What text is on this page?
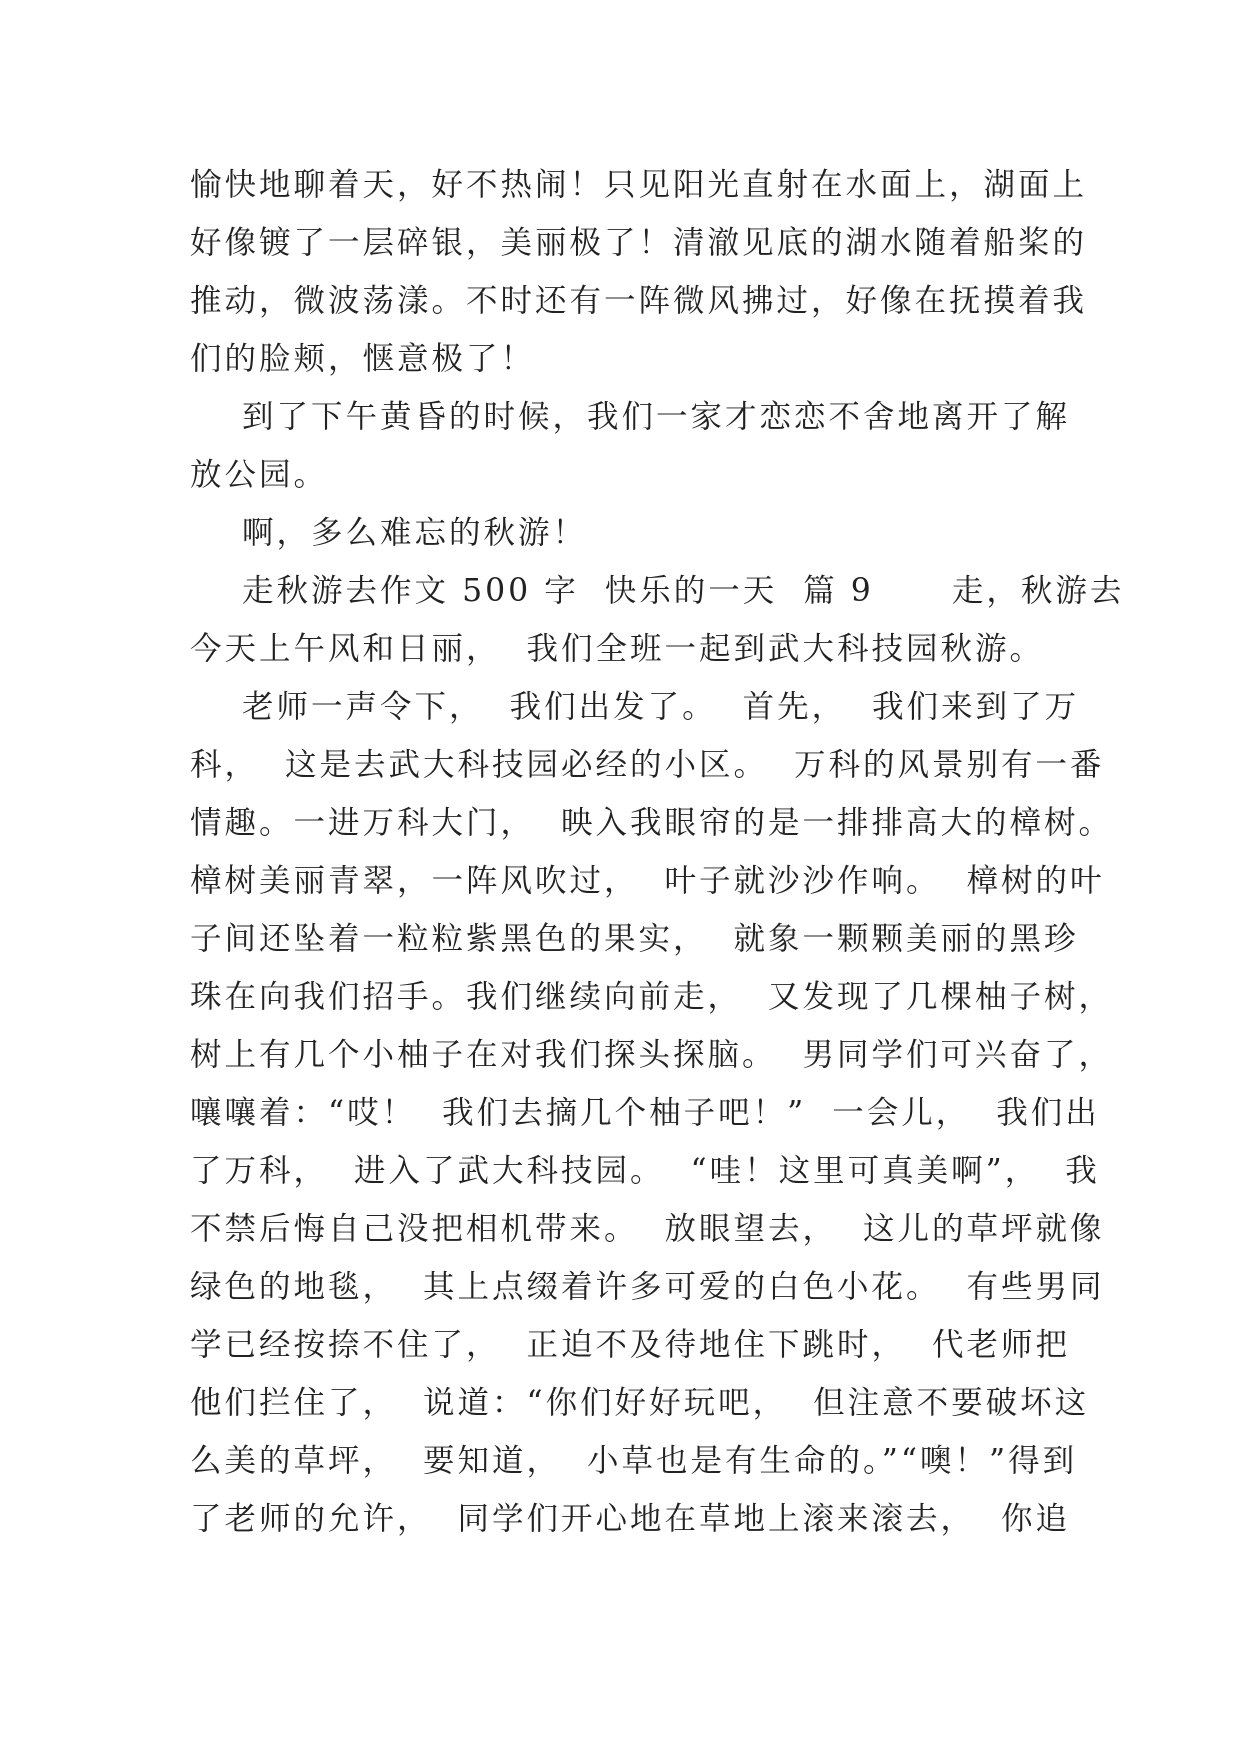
愉快地聊着天，好不热闹！只见阳光直射在水面上，湖面上
好像镀了一层碎银，美丽极了！清澈见底的湖水随着船桨的
推动，微波荡漾。不时还有一阵微风拂过，好像在抚摸着我
们的脸颊，惬意极了！
到了下午黄昏的时候，我们一家才恋恋不舍地离开了解
放公园。
啊，多么难忘的秋游！
走秋游去作文 500 字  快乐的一天  篇 9      走，秋游去
今天上午风和日丽，  我们全班一起到武大科技园秋游。
老师一声令下，  我们出发了。  首先，  我们来到了万
科，  这是去武大科技园必经的小区。  万科的风景别有一番
情趣。一进万科大门，  映入我眼帘的是一排排高大的樟树。
樟树美丽青翠，一阵风吹过，  叶子就沙沙作响。  樟树的叶
子间还坠着一粒粒紫黑色的果实，  就象一颗颗美丽的黑珍
珠在向我们招手。我们继续向前走，  又发现了几棵柚子树，
树上有几个小柚子在对我们探头探脑。  男同学们可兴奋了，
嚷嚷着：“哎！  我们去摘几个柚子吧！”  一会儿，  我们出
了万科，  进入了武大科技园。  “哇！这里可真美啊”，  我
不禁后悔自己没把相机带来。  放眼望去，  这儿的草坪就像
绿色的地毯，  其上点缀着许多可爱的白色小花。  有些男同
学已经按捺不住了，  正迫不及待地住下跳时，  代老师把
他们拦住了，  说道：“你们好好玩吧，  但注意不要破坏这
么美的草坪，  要知道，  小草也是有生命的。”“噢！”得到
了老师的允许，  同学们开心地在草地上滚来滚去，  你追
